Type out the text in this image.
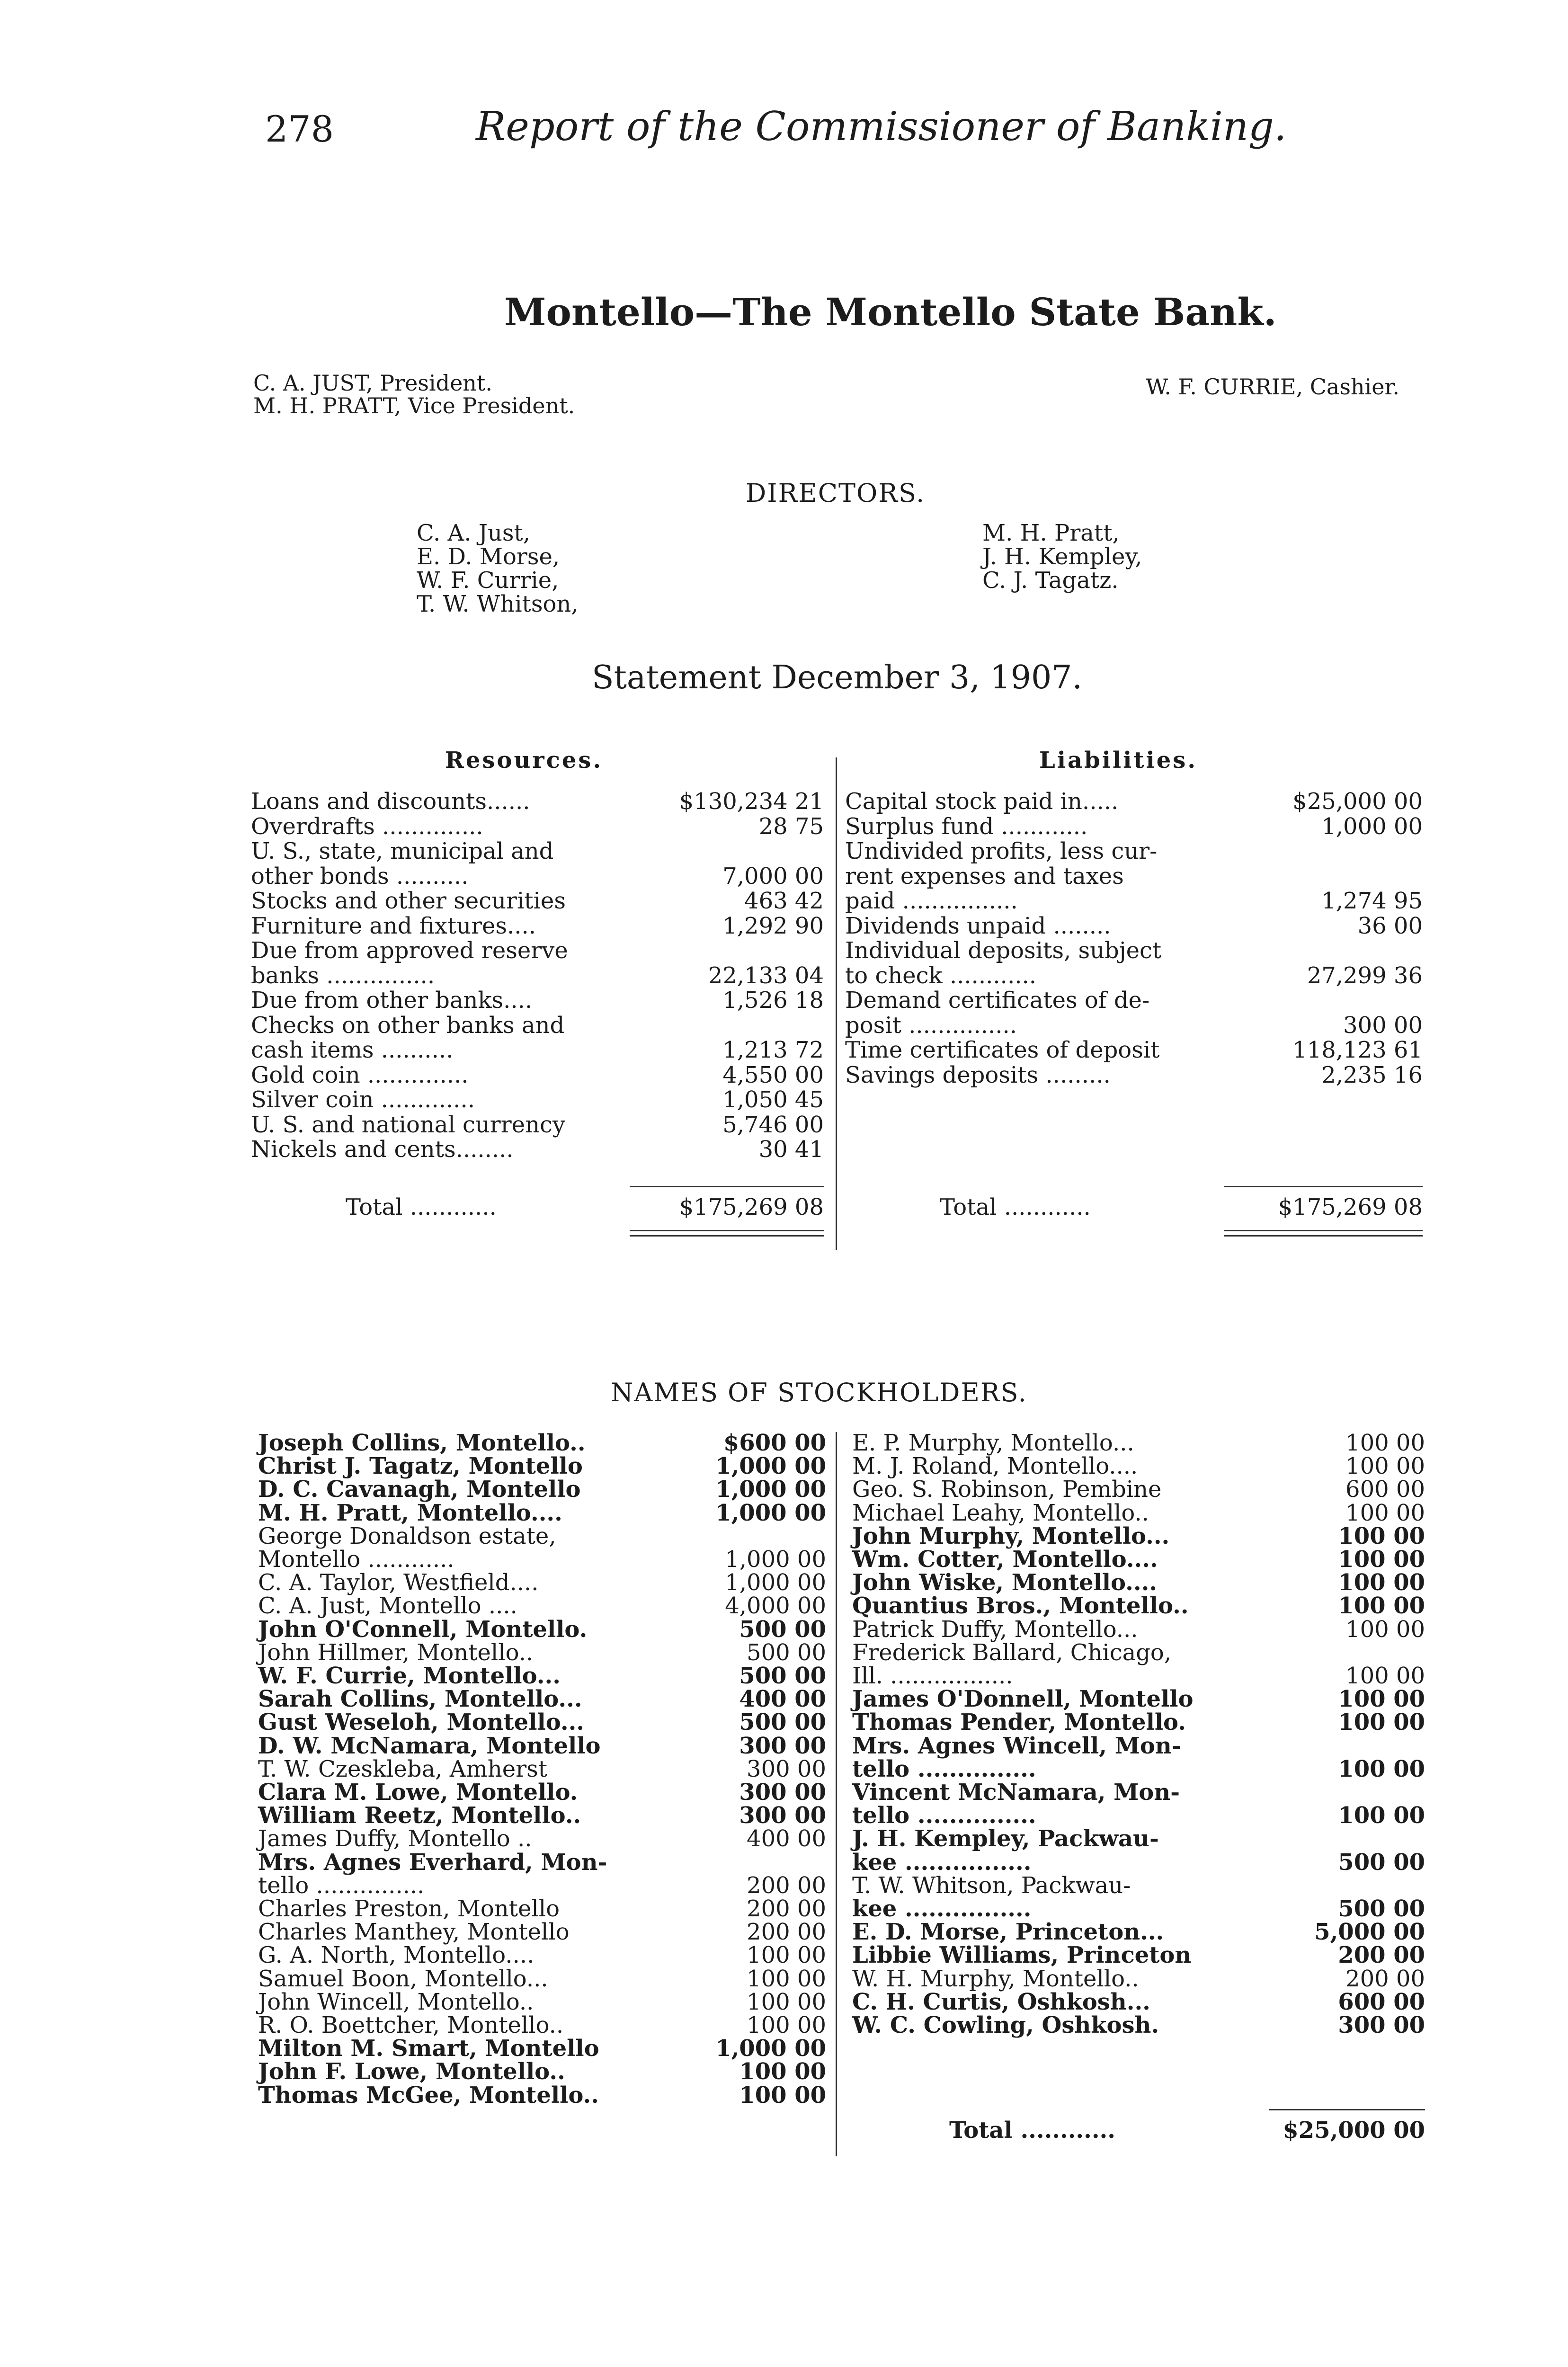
278	Report of the Commissioner of Banking.
Montello—The Montello State Bank.
C. A. JUST, President.
M. H. PRATT, Vice President.
W. F. CURRIE, Cashier.
DIRECTORS.
C. A. Just,
E. D. Morse,
W. F. Currie,
T. W. Whitson,
M. H. Pratt,
J. H. Kempley,
C. J. Tagatz.
Statement December 3, 1907.
Resources.	Liabilities.
Loans and discounts......	$130,234 21
Overdrafts ..............	28 75
U. S., state, municipal and
other bonds ..........	7,000 00
Stocks and other securities	463 42
Furniture and fixtures....	1,292 90
Due from approved reserve
banks ...............	22,133 04
Due from other banks....	1,526 18
Checks on other banks and
cash items ..........	1,213 72
Gold coin ..............	4,550 00
Silver coin .............	1,050 45
U. S. and national currency	5,746 00
Nickels and cents........	30 41
Capital stock paid in.....	$25,000 00
Surplus fund ............	1,000 00
Undivided profits, less cur-
rent expenses and taxes
paid ................	1,274 95
Dividends unpaid ........	36 00
Individual deposits, subject
to check ............	27,299 36
Demand certificates of de-
posit ...............	300 00
Time certificates of deposit	118,123 61
Savings deposits .........	2,235 16
Total ............	$175,269 08	Total ............	$175,269 08
NAMES OF STOCKHOLDERS.
Joseph Collins, Montello..	$600 00
Christ J. Tagatz, Montello	1,000 00
D. C. Cavanagh, Montello	1,000 00
M. H. Pratt, Montello....	1,000 00
George Donaldson estate,
Montello ............	1,000 00
C. A. Taylor, Westfield....	1,000 00
C. A. Just, Montello ....	4,000 00
John O'Connell, Montello.	500 00
John Hillmer, Montello..	500 00
W. F. Currie, Montello...	500 00
Sarah Collins, Montello...	400 00
Gust Weseloh, Montello...	500 00
D. W. McNamara, Montello	300 00
T. W. Czeskleba, Amherst	300 00
Clara M. Lowe, Montello.	300 00
William Reetz, Montello..	300 00
James Duffy, Montello ..	400 00
Mrs. Agnes Everhard, Mon-
tello ...............	200 00
Charles Preston, Montello	200 00
Charles Manthey, Montello	200 00
G. A. North, Montello....	100 00
Samuel Boon, Montello...	100 00
John Wincell, Montello..	100 00
R. O. Boettcher, Montello..	100 00
Milton M. Smart, Montello	1,000 00
John F. Lowe, Montello..	100 00
Thomas McGee, Montello..	100 00
E. P. Murphy, Montello...	100 00
M. J. Roland, Montello....	100 00
Geo. S. Robinson, Pembine	600 00
Michael Leahy, Montello..	100 00
John Murphy, Montello...	100 00
Wm. Cotter, Montello....	100 00
John Wiske, Montello....	100 00
Quantius Bros., Montello..	100 00
Patrick Duffy, Montello...	100 00
Frederick Ballard, Chicago,
Ill. .................	100 00
James O'Donnell, Montello	100 00
Thomas Pender, Montello.	100 00
Mrs. Agnes Wincell, Mon-
tello ...............	100 00
Vincent McNamara, Mon-
tello ...............	100 00
J. H. Kempley, Packwau-
kee ................	500 00
T. W. Whitson, Packwau-
kee ................	500 00
E. D. Morse, Princeton...	5,000 00
Libbie Williams, Princeton	200 00
W. H. Murphy, Montello..	200 00
C. H. Curtis, Oshkosh...	600 00
W. C. Cowling, Oshkosh.	300 00
Total ............	$25,000 00
